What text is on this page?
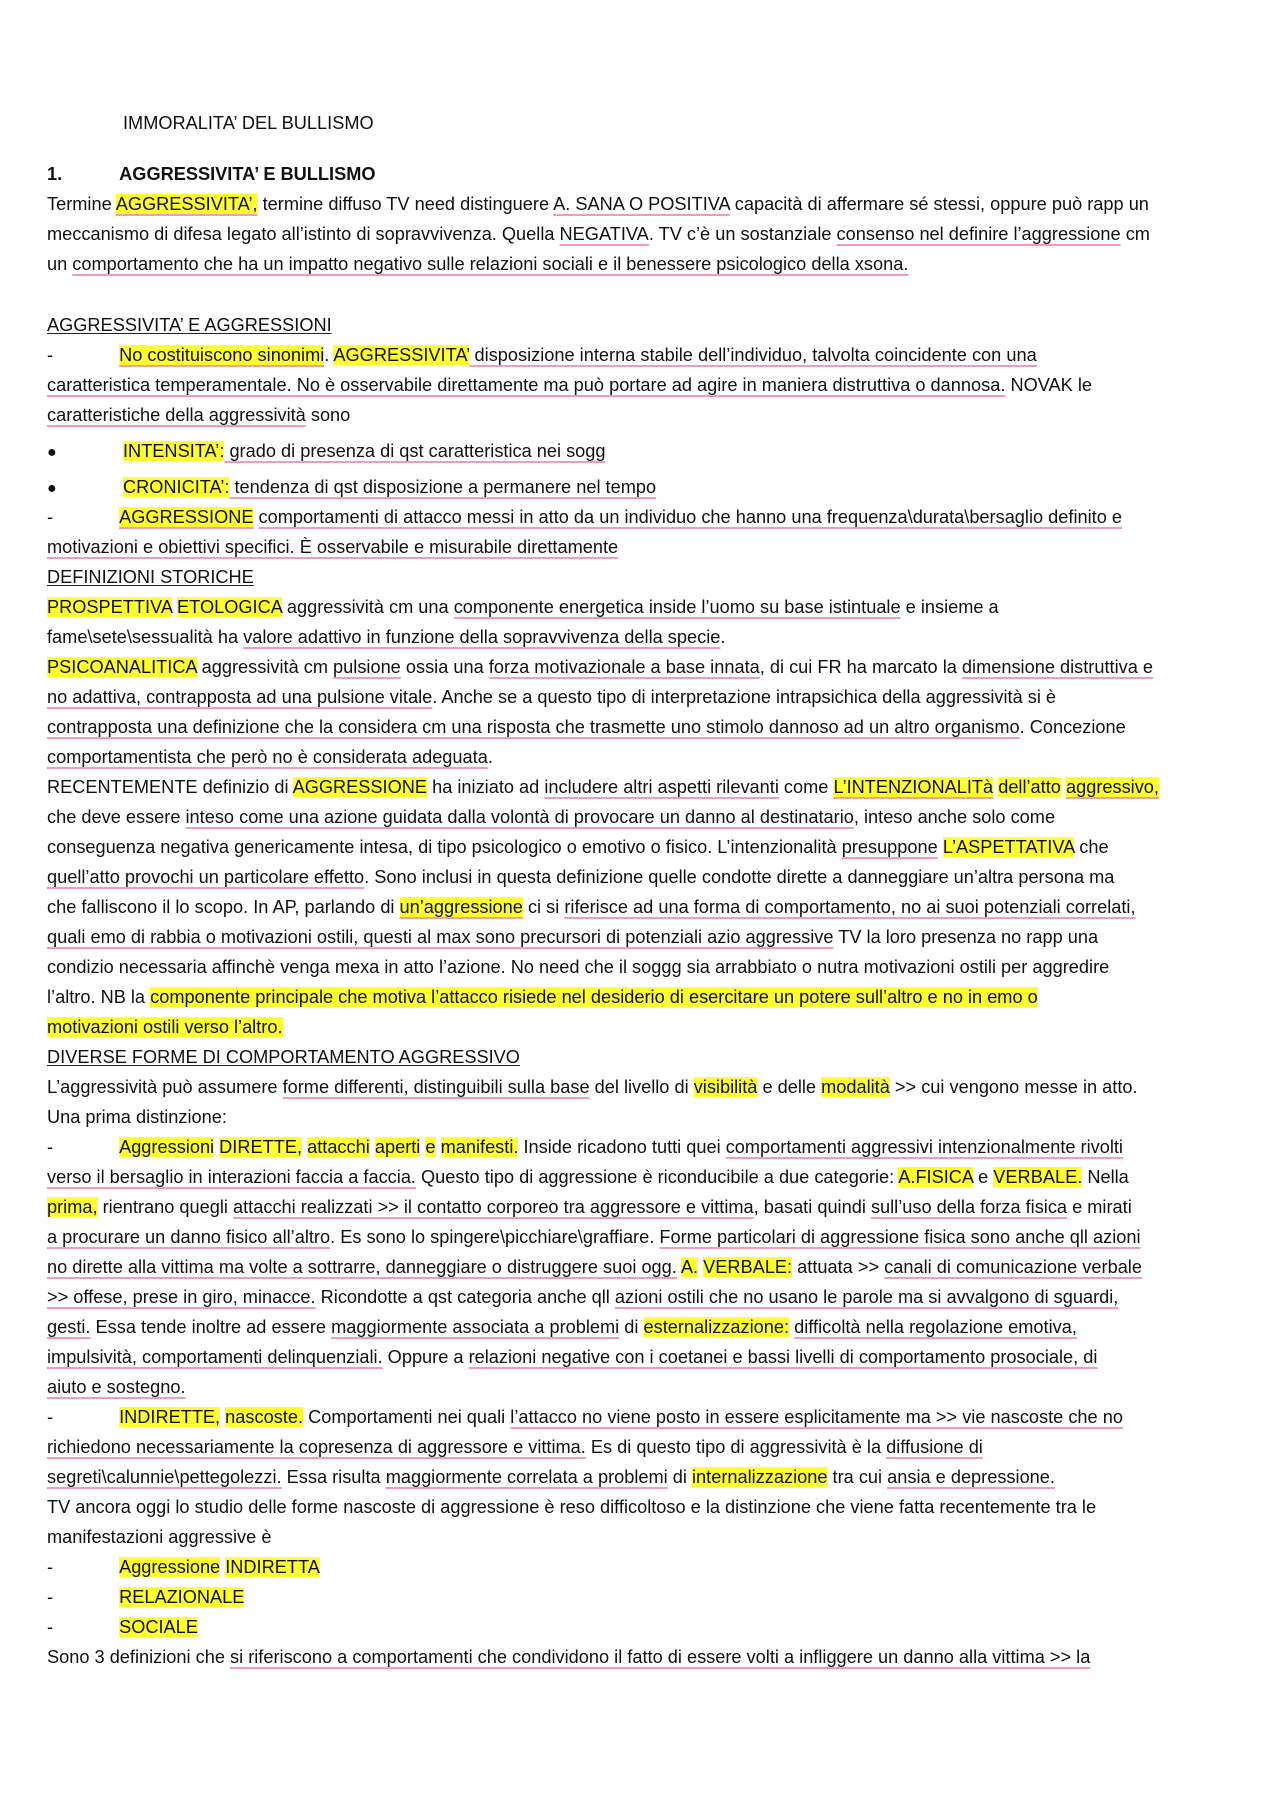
IMMORALITA’ DEL BULLISMO
1.	AGGRESSIVITA’ E BULLISMO
Termine AGGRESSIVITA’, termine diffuso TV need distinguere A. SANA O POSITIVA capacità di affermare sé stessi, oppure può rapp un
meccanismo di difesa legato all’istinto di sopravvivenza. Quella NEGATIVA. TV c’è un sostanziale consenso nel definire l’aggressione cm
un comportamento che ha un impatto negativo sulle relazioni sociali e il benessere psicologico della xsona.
AGGRESSIVITA’ E AGGRESSIONI
-	No costituiscono sinonimi. AGGRESSIVITA’ disposizione interna stabile dell’individuo, talvolta coincidente con una
caratteristica temperamentale. No è osservabile direttamente ma può portare ad agire in maniera distruttiva o dannosa. NOVAK le
caratteristiche della aggressività sono
●	INTENSITA’: grado di presenza di qst caratteristica nei sogg
●	CRONICITA’: tendenza di qst disposizione a permanere nel tempo
-	AGGRESSIONE comportamenti di attacco messi in atto da un individuo che hanno una frequenza\durata\bersaglio definito e
motivazioni e obiettivi specifici. È osservabile e misurabile direttamente
DEFINIZIONI STORICHE
PROSPETTIVA ETOLOGICA aggressività cm una componente energetica inside l’uomo su base istintuale e insieme a
fame\sete\sessualità ha valore adattivo in funzione della sopravvivenza della specie.
PSICOANALITICA aggressività cm pulsione ossia una forza motivazionale a base innata, di cui FR ha marcato la dimensione distruttiva e
no adattiva, contrapposta ad una pulsione vitale. Anche se a questo tipo di interpretazione intrapsichica della aggressività si è
contrapposta una definizione che la considera cm una risposta che trasmette uno stimolo dannoso ad un altro organismo. Concezione
comportamentista che però no è considerata adeguata.
RECENTEMENTE definizio di AGGRESSIONE ha iniziato ad includere altri aspetti rilevanti come L’INTENZIONALITà dell’atto aggressivo,
che deve essere inteso come una azione guidata dalla volontà di provocare un danno al destinatario, inteso anche solo come
conseguenza negativa genericamente intesa, di tipo psicologico o emotivo o fisico. L’intenzionalità presuppone L’ASPETTATIVA che
quell’atto provochi un particolare effetto. Sono inclusi in questa definizione quelle condotte dirette a danneggiare un’altra persona ma
che falliscono il lo scopo. In AP, parlando di un’aggressione ci si riferisce ad una forma di comportamento, no ai suoi potenziali correlati,
quali emo di rabbia o motivazioni ostili, questi al max sono precursori di potenziali azio aggressive TV la loro presenza no rapp una
condizio necessaria affinchè venga mexa in atto l’azione. No need che il soggg sia arrabbiato o nutra motivazioni ostili per aggredire
l’altro. NB la componente principale che motiva l’attacco risiede nel desiderio di esercitare un potere sull’altro e no in emo o
motivazioni ostili verso l’altro.
DIVERSE FORME DI COMPORTAMENTO AGGRESSIVO
L’aggressività può assumere forme differenti, distinguibili sulla base del livello di visibilità e delle modalità >> cui vengono messe in atto.
Una prima distinzione:
-	Aggressioni DIRETTE, attacchi aperti e manifesti. Inside ricadono tutti quei comportamenti aggressivi intenzionalmente rivolti
verso il bersaglio in interazioni faccia a faccia. Questo tipo di aggressione è riconducibile a due categorie: A.FISICA e VERBALE. Nella
prima, rientrano quegli attacchi realizzati >> il contatto corporeo tra aggressore e vittima, basati quindi sull’uso della forza fisica e mirati
a procurare un danno fisico all’altro. Es sono lo spingere\picchiare\graffiare. Forme particolari di aggressione fisica sono anche qll azioni
no dirette alla vittima ma volte a sottrarre, danneggiare o distruggere suoi ogg. A. VERBALE: attuata >> canali di comunicazione verbale
>> offese, prese in giro, minacce. Ricondotte a qst categoria anche qll azioni ostili che no usano le parole ma si avvalgono di sguardi,
gesti. Essa tende inoltre ad essere maggiormente associata a problemi di esternalizzazione: difficoltà nella regolazione emotiva,
impulsività, comportamenti delinquenziali. Oppure a relazioni negative con i coetanei e bassi livelli di comportamento prosociale, di
aiuto e sostegno.
-	INDIRETTE, nascoste. Comportamenti nei quali l’attacco no viene posto in essere esplicitamente ma >> vie nascoste che no
richiedono necessariamente la copresenza di aggressore e vittima. Es di questo tipo di aggressività è la diffusione di
segreti\calunnie\pettegolezzi. Essa risulta maggiormente correlata a problemi di internalizzazione tra cui ansia e depressione.
TV ancora oggi lo studio delle forme nascoste di aggressione è reso difficoltoso e la distinzione che viene fatta recentemente tra le
manifestazioni aggressive è
-	Aggressione INDIRETTA
-	RELAZIONALE
-	SOCIALE
Sono 3 definizioni che si riferiscono a comportamenti che condividono il fatto di essere volti a infliggere un danno alla vittima >> la
